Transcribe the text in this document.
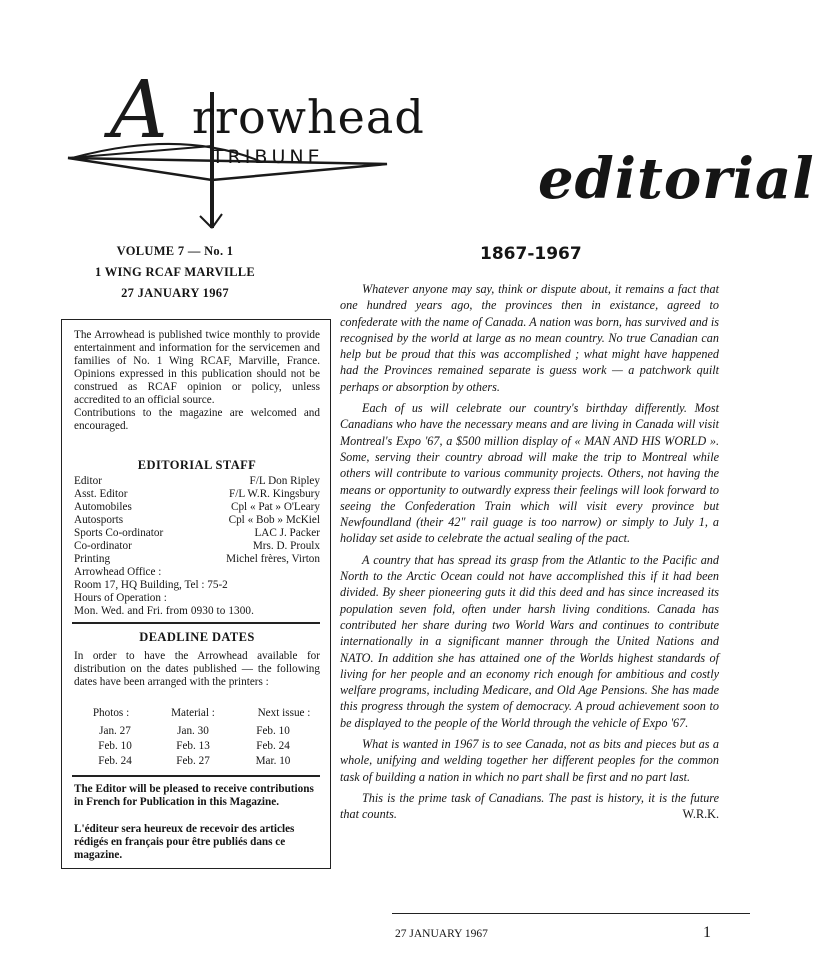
rrowhead
TRIBUNE
A
editorial
VOLUME 7 — No. 1
1 WING RCAF MARVILLE
27 JANUARY 1967
The Arrowhead is published twice monthly to provide entertainment and information for the servicemen and families of No. 1 Wing RCAF, Marville, France. Opinions expressed in this publication should not be construed as RCAF opinion or policy, unless accredited to an official source.
Contributions to the magazine are welcomed and encouraged.
EDITORIAL STAFF
Editor	F/L Don Ripley
Asst. Editor	F/L W.R. Kingsbury
Automobiles	Cpl « Pat » O'Leary
Autosports	Cpl « Bob » McKiel
Sports Co-ordinator	LAC J. Packer
Co-ordinator	Mrs. D. Proulx
Printing	Michel frères, Virton
Arrowhead Office :
Room 17, HQ Building, Tel : 75-2
Hours of Operation :
Mon. Wed. and Fri. from 0930 to 1300.
DEADLINE DATES
In order to have the Arrowhead available for distribution on the dates published — the following dates have been arranged with the printers :
Photos :	Material :	Next issue :
Jan. 27	Jan. 30	Feb. 10
Feb. 10	Feb. 13	Feb. 24
Feb. 24	Feb. 27	Mar. 10
The Editor will be pleased to receive contributions in French for Publication in this Magazine.
L'éditeur sera heureux de recevoir des articles rédigés en français pour être publiés dans ce magazine.
1867-1967

Whatever anyone may say, think or dispute about, it remains a fact that one hundred years ago, the provinces then in existance, agreed to confederate with the name of Canada. A nation was born, has survived and is recognised by the world at large as no mean country. No true Canadian can help but be proud that this was accomplished ; what might have happened had the Provinces remained separate is guess work — a patchwork quilt perhaps or absorption by others.

Each of us will celebrate our country's birthday differently. Most Canadians who have the necessary means and are living in Canada will visit Montreal's Expo '67, a $500 million display of « MAN AND HIS WORLD ». Some, serving their country abroad will make the trip to Montreal while others will contribute to various community projects. Others, not having the means or opportunity to outwardly express their feelings will look forward to seeing the Confederation Train which will visit every province but Newfoundland (their 42" rail guage is too narrow) or simply to July 1, a holiday set aside to celebrate the actual sealing of the pact.

A country that has spread its grasp from the Atlantic to the Pacific and North to the Arctic Ocean could not have accomplished this if it had been divided. By sheer pioneering guts it did this deed and has since increased its population seven fold, often under harsh living conditions. Canada has contributed her share during two World Wars and continues to contribute internationally in a significant manner through the United Nations and NATO. In addition she has attained one of the Worlds highest standards of living for her people and an economy rich enough for ambitious and costly welfare programs, including Medicare, and Old Age Pensions. She has made this progress through the system of democracy. A proud achievement soon to be displayed to the people of the World through the vehicle of Expo '67.

What is wanted in 1967 is to see Canada, not as bits and pieces but as a whole, unifying and welding together her different peoples for the common task of building a nation in which no part shall be first and no part last.

This is the prime task of Canadians. The past is history, it is the future that counts.	W.R.K.

27 JANUARY 1967	1
